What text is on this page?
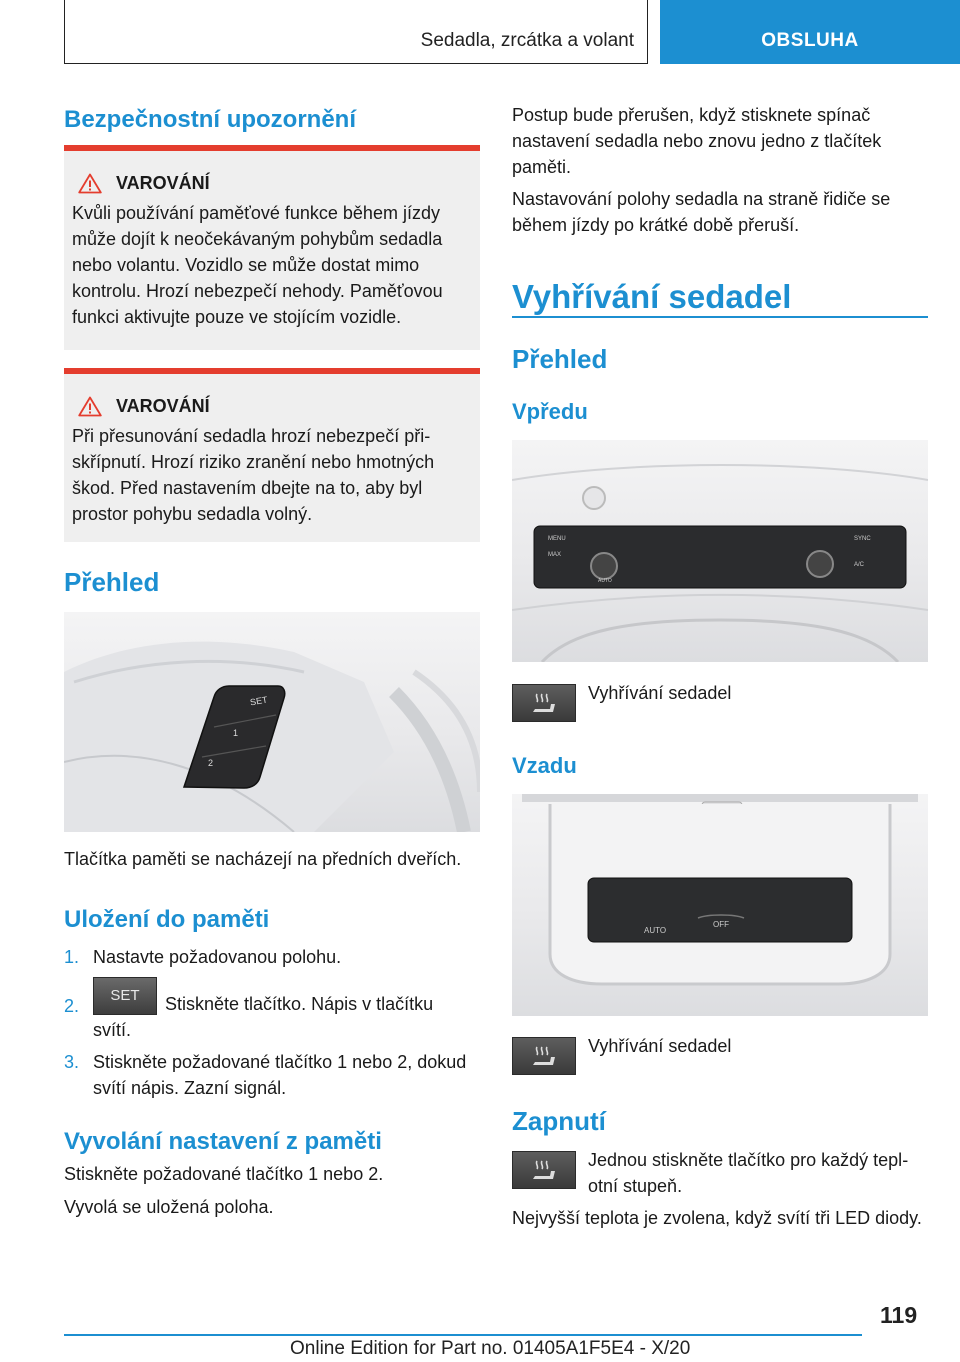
Sedadla, zrcátka a volant	OBSLUHA
Bezpečnostní upozornění
VAROVÁNÍ
Kvůli používání paměťové funkce během jízdy může dojít k neočekávaným pohybům sedadla nebo volantu. Vozidlo se může dostat mimo kontrolu. Hrozí nebezpečí nehody. Paměťovou funkci aktivujte pouze ve stojícím vozidle.
VAROVÁNÍ
Při přesunování sedadla hrozí nebezpečí přiskřípnutí. Hrozí riziko zranění nebo hmotných škod. Před nastavením dbejte na to, aby byl prostor pohybu sedadla volný.
Přehled
SET
1
2
Tlačítka paměti se nacházejí na předních dveřích.
Uložení do paměti
1. Nastavte požadovanou polohu.
2.
SET
	Stiskněte tlačítko. Nápis v tlačítku svítí.
3. Stiskněte požadované tlačítko 1 nebo 2, dokud svítí nápis. Zazní signál.
Vyvolání nastavení z paměti
Stiskněte požadované tlačítko 1 nebo 2.
Vyvolá se uložená poloha.
Postup bude přerušen, když stisknete spínač nastavení sedadla nebo znovu jedno z tlačítek paměti.
Nastavování polohy sedadla na straně řidiče se během jízdy po krátké době přeruší.
Vyhřívání sedadel
Přehled
Vpředu
MENU
MAX
SYNC
A/C
AUTO
Vyhřívání sedadel
Vzadu
AUTO
OFF
Vyhřívání sedadel
Zapnutí
Jednou stiskněte tlačítko pro každý teplotní stupeň.
Nejvyšší teplota je zvolena, když svítí tři LED diody.
119
Online Edition for Part no. 01405A1F5E4 - X/20
